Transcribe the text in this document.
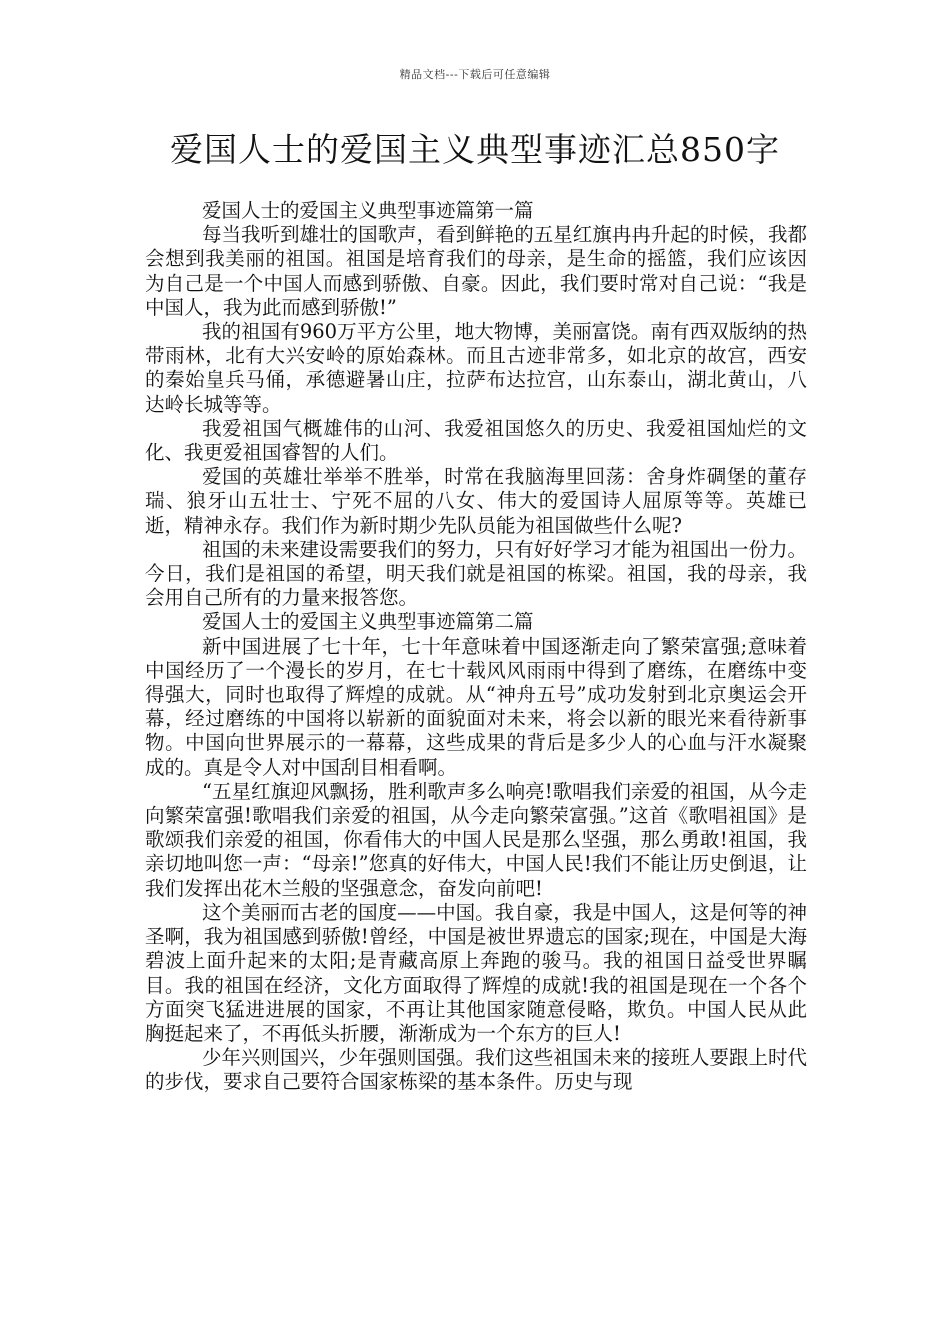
精品文档---下载后可任意编辑
爱国人士的爱国主义典型事迹汇总850字

爱国人士的爱国主义典型事迹篇第一篇

每当我听到雄壮的国歌声，看到鲜艳的五星红旗冉冉升起的时候，我都会想到我美丽的祖国。祖国是培育我们的母亲，是生命的摇篮，我们应该因为自己是一个中国人而感到骄傲、自豪。因此，我们要时常对自己说：“我是中国人，我为此而感到骄傲!”

我的祖国有960万平方公里，地大物博，美丽富饶。南有西双版纳的热带雨林，北有大兴安岭的原始森林。而且古迹非常多，如北京的故宫，西安的秦始皇兵马俑，承德避暑山庄，拉萨布达拉宫，山东泰山，湖北黄山，八达岭长城等等。

我爱祖国气概雄伟的山河、我爱祖国悠久的历史、我爱祖国灿烂的文化、我更爱祖国睿智的人们。

爱国的英雄壮举举不胜举，时常在我脑海里回荡：舍身炸碉堡的董存瑞、狼牙山五壮士、宁死不屈的八女、伟大的爱国诗人屈原等等。英雄已逝，精神永存。我们作为新时期少先队员能为祖国做些什么呢?

祖国的未来建设需要我们的努力，只有好好学习才能为祖国出一份力。今日，我们是祖国的希望，明天我们就是祖国的栋梁。祖国，我的母亲，我会用自己所有的力量来报答您。

爱国人士的爱国主义典型事迹篇第二篇

新中国进展了七十年，七十年意味着中国逐渐走向了繁荣富强;意味着中国经历了一个漫长的岁月，在七十载风风雨雨中得到了磨练，在磨练中变得强大，同时也取得了辉煌的成就。从“神舟五号”成功发射到北京奥运会开幕，经过磨练的中国将以崭新的面貌面对未来，将会以新的眼光来看待新事物。中国向世界展示的一幕幕，这些成果的背后是多少人的心血与汗水凝聚成的。真是令人对中国刮目相看啊。

“五星红旗迎风飘扬，胜利歌声多么响亮!歌唱我们亲爱的祖国，从今走向繁荣富强!歌唱我们亲爱的祖国，从今走向繁荣富强。”这首《歌唱祖国》是歌颂我们亲爱的祖国，你看伟大的中国人民是那么坚强，那么勇敢!祖国，我亲切地叫您一声：“母亲!”您真的好伟大，中国人民!我们不能让历史倒退，让我们发挥出花木兰般的坚强意念，奋发向前吧!

这个美丽而古老的国度——中国。我自豪，我是中国人，这是何等的神圣啊，我为祖国感到骄傲!曾经，中国是被世界遗忘的国家;现在，中国是大海碧波上面升起来的太阳;是青藏高原上奔跑的骏马。我的祖国日益受世界瞩目。我的祖国在经济，文化方面取得了辉煌的成就!我的祖国是现在一个各个方面突飞猛进进展的国家，不再让其他国家随意侵略，欺负。中国人民从此胸挺起来了，不再低头折腰，渐渐成为一个东方的巨人!

少年兴则国兴，少年强则国强。我们这些祖国未来的接班人要跟上时代的步伐，要求自己要符合国家栋梁的基本条件。历史与现
